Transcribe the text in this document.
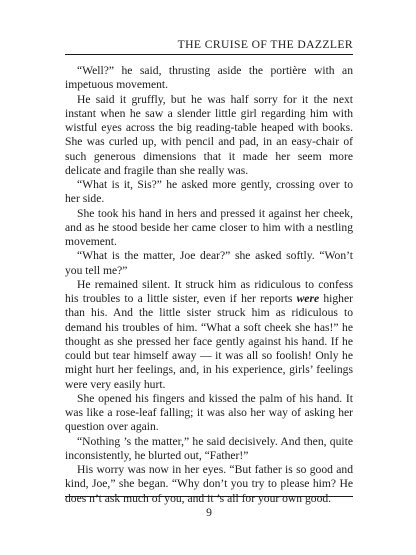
THE CRUISE OF THE DAZZLER

“Well?” he said, thrusting aside the portière with an impetuous movement.

He said it gruffly, but he was half sorry for it the next instant when he saw a slender little girl regarding him with wistful eyes across the big reading-table heaped with books. She was curled up, with pencil and pad, in an easy-chair of such generous dimensions that it made her seem more delicate and fragile than she really was.

“What is it, Sis?” he asked more gently, crossing over to her side.

She took his hand in hers and pressed it against her cheek, and as he stood beside her came closer to him with a nestling movement.

“What is the matter, Joe dear?” she asked softly. “Won’t you tell me?”

He remained silent. It struck him as ridiculous to confess his troubles to a little sister, even if her reports were higher than his. And the little sister struck him as ridiculous to demand his troubles of him. “What a soft cheek she has!” he thought as she pressed her face gently against his hand. If he could but tear himself away — it was all so foolish! Only he might hurt her feelings, and, in his experience, girls’ feelings were very easily hurt.

She opened his fingers and kissed the palm of his hand. It was like a rose-leaf falling; it was also her way of asking her question over again.

“Nothing ’s the matter,” he said decisively. And then, quite inconsistently, he blurted out, “Father!”

His worry was now in her eyes. “But father is so good and kind, Joe,” she began. “Why don’t you try to please him? He does n’t ask much of you, and it ’s all for your own good.

9
